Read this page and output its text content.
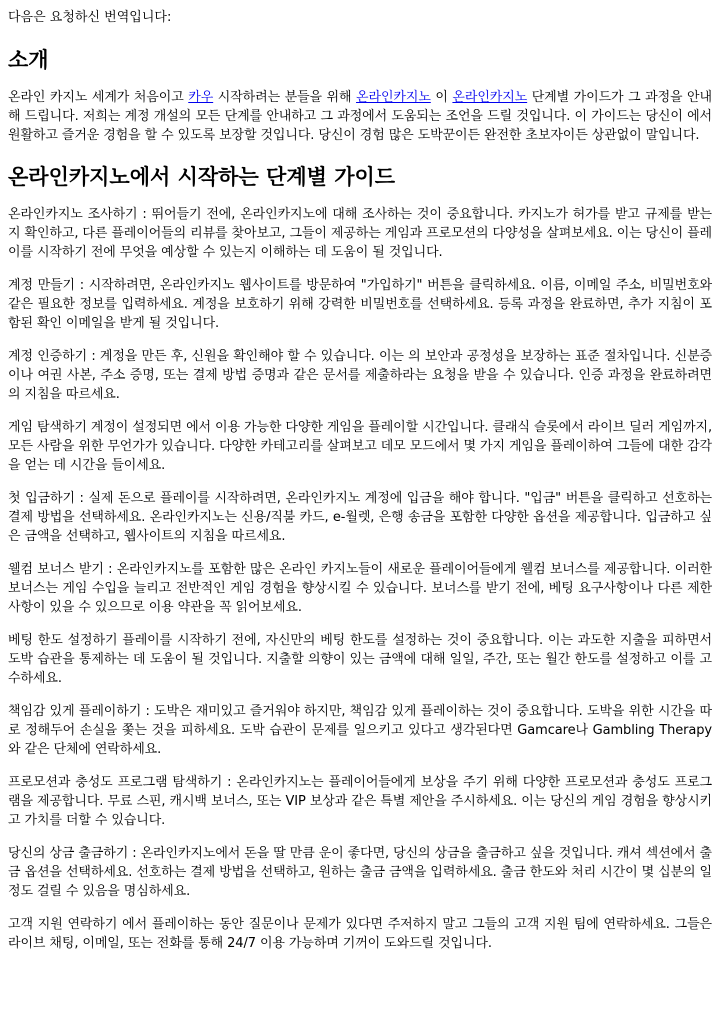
다음은 요청하신 번역입니다:

소개

온라인 카지노 세계가 처음이고 카우 시작하려는 분들을 위해 온라인카지노 이 온라인카지노 단계별 가이드가 그 과정을 안내해 드립니다. 저희는 계정 개설의 모든 단계를 안내하고 그 과정에서 도움되는 조언을 드릴 것입니다. 이 가이드는 당신이 에서 원활하고 즐거운 경험을 할 수 있도록 보장할 것입니다. 당신이 경험 많은 도박꾼이든 완전한 초보자이든 상관없이 말입니다.

온라인카지노에서 시작하는 단계별 가이드

온라인카지노 조사하기 : 뛰어들기 전에, 온라인카지노에 대해 조사하는 것이 중요합니다. 카지노가 허가를 받고 규제를 받는지 확인하고, 다른 플레이어들의 리뷰를 찾아보고, 그들이 제공하는 게임과 프로모션의 다양성을 살펴보세요. 이는 당신이 플레이를 시작하기 전에 무엇을 예상할 수 있는지 이해하는 데 도움이 될 것입니다.

계정 만들기 : 시작하려면, 온라인카지노 웹사이트를 방문하여 "가입하기" 버튼을 클릭하세요. 이름, 이메일 주소, 비밀번호와 같은 필요한 정보를 입력하세요. 계정을 보호하기 위해 강력한 비밀번호를 선택하세요. 등록 과정을 완료하면, 추가 지침이 포함된 확인 이메일을 받게 될 것입니다.

계정 인증하기 : 계정을 만든 후, 신원을 확인해야 할 수 있습니다. 이는 의 보안과 공정성을 보장하는 표준 절차입니다. 신분증이나 여권 사본, 주소 증명, 또는 결제 방법 증명과 같은 문서를 제출하라는 요청을 받을 수 있습니다. 인증 과정을 완료하려면 의 지침을 따르세요.

게임 탐색하기 계정이 설정되면 에서 이용 가능한 다양한 게임을 플레이할 시간입니다. 클래식 슬롯에서 라이브 딜러 게임까지, 모든 사람을 위한 무언가가 있습니다. 다양한 카테고리를 살펴보고 데모 모드에서 몇 가지 게임을 플레이하여 그들에 대한 감각을 얻는 데 시간을 들이세요.

첫 입금하기 : 실제 돈으로 플레이를 시작하려면, 온라인카지노 계정에 입금을 해야 합니다. "입금" 버튼을 클릭하고 선호하는 결제 방법을 선택하세요. 온라인카지노는 신용/직불 카드, e-월렛, 은행 송금을 포함한 다양한 옵션을 제공합니다. 입금하고 싶은 금액을 선택하고, 웹사이트의 지침을 따르세요.

웰컴 보너스 받기 : 온라인카지노를 포함한 많은 온라인 카지노들이 새로운 플레이어들에게 웰컴 보너스를 제공합니다. 이러한 보너스는 게임 수입을 늘리고 전반적인 게임 경험을 향상시킬 수 있습니다. 보너스를 받기 전에, 베팅 요구사항이나 다른 제한사항이 있을 수 있으므로 이용 약관을 꼭 읽어보세요.

베팅 한도 설정하기 플레이를 시작하기 전에, 자신만의 베팅 한도를 설정하는 것이 중요합니다. 이는 과도한 지출을 피하면서 도박 습관을 통제하는 데 도움이 될 것입니다. 지출할 의향이 있는 금액에 대해 일일, 주간, 또는 월간 한도를 설정하고 이를 고수하세요.

책임감 있게 플레이하기 : 도박은 재미있고 즐거워야 하지만, 책임감 있게 플레이하는 것이 중요합니다. 도박을 위한 시간을 따로 정해두어 손실을 쫓는 것을 피하세요. 도박 습관이 문제를 일으키고 있다고 생각된다면 Gamcare나 Gambling Therapy와 같은 단체에 연락하세요.

프로모션과 충성도 프로그램 탐색하기 : 온라인카지노는 플레이어들에게 보상을 주기 위해 다양한 프로모션과 충성도 프로그램을 제공합니다. 무료 스핀, 캐시백 보너스, 또는 VIP 보상과 같은 특별 제안을 주시하세요. 이는 당신의 게임 경험을 향상시키고 가치를 더할 수 있습니다.

당신의 상금 출금하기 : 온라인카지노에서 돈을 딸 만큼 운이 좋다면, 당신의 상금을 출금하고 싶을 것입니다. 캐셔 섹션에서 출금 옵션을 선택하세요. 선호하는 결제 방법을 선택하고, 원하는 출금 금액을 입력하세요. 출금 한도와 처리 시간이 몇 십분의 일 정도 걸릴 수 있음을 명심하세요.

고객 지원 연락하기 에서 플레이하는 동안 질문이나 문제가 있다면 주저하지 말고 그들의 고객 지원 팀에 연락하세요. 그들은 라이브 채팅, 이메일, 또는 전화를 통해 24/7 이용 가능하며 기꺼이 도와드릴 것입니다.
